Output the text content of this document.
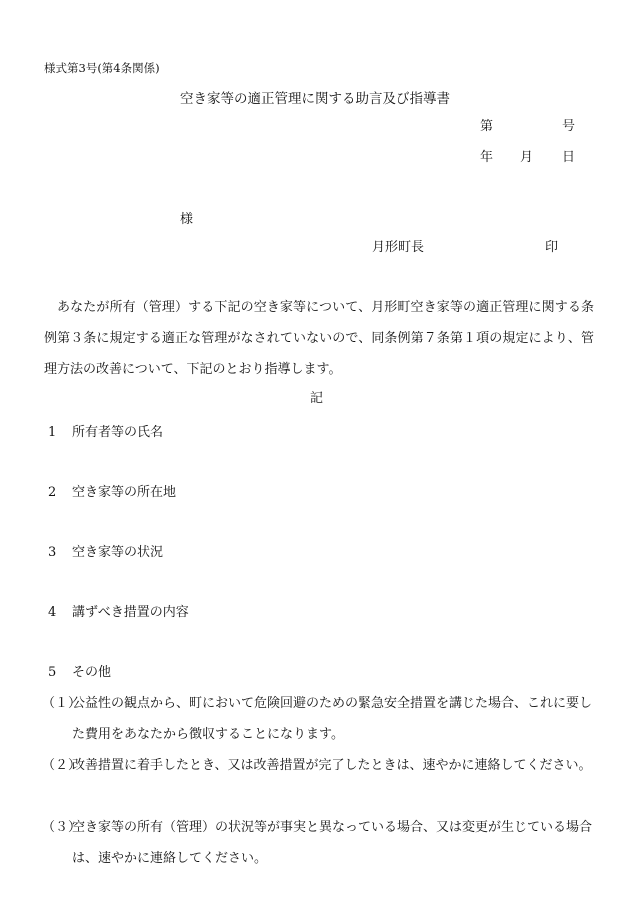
様式第3号(第4条関係)
空き家等の適正管理に関する助言及び指導書
第	号
年 月 日
様
月形町長	印
あなたが所有（管理）する下記の空き家等について、月形町空き家等の適正管理に関する条例第３条に規定する適正な管理がなされていないので、同条例第７条第１項の規定により、管理方法の改善について、下記のとおり指導します。
記
1 所有者等の氏名
2 空き家等の所在地
3 空き家等の状況
4 講ずべき措置の内容
5 その他
（１）
公益性の観点から、町において危険回避のための緊急安全措置を講じた場合、これに要した費用をあなたから徴収することになります。
（２）
改善措置に着手したとき、又は改善措置が完了したときは、速やかに連絡してください。
（３）
空き家等の所有（管理）の状況等が事実と異なっている場合、又は変更が生じている場合は、速やかに連絡してください。
